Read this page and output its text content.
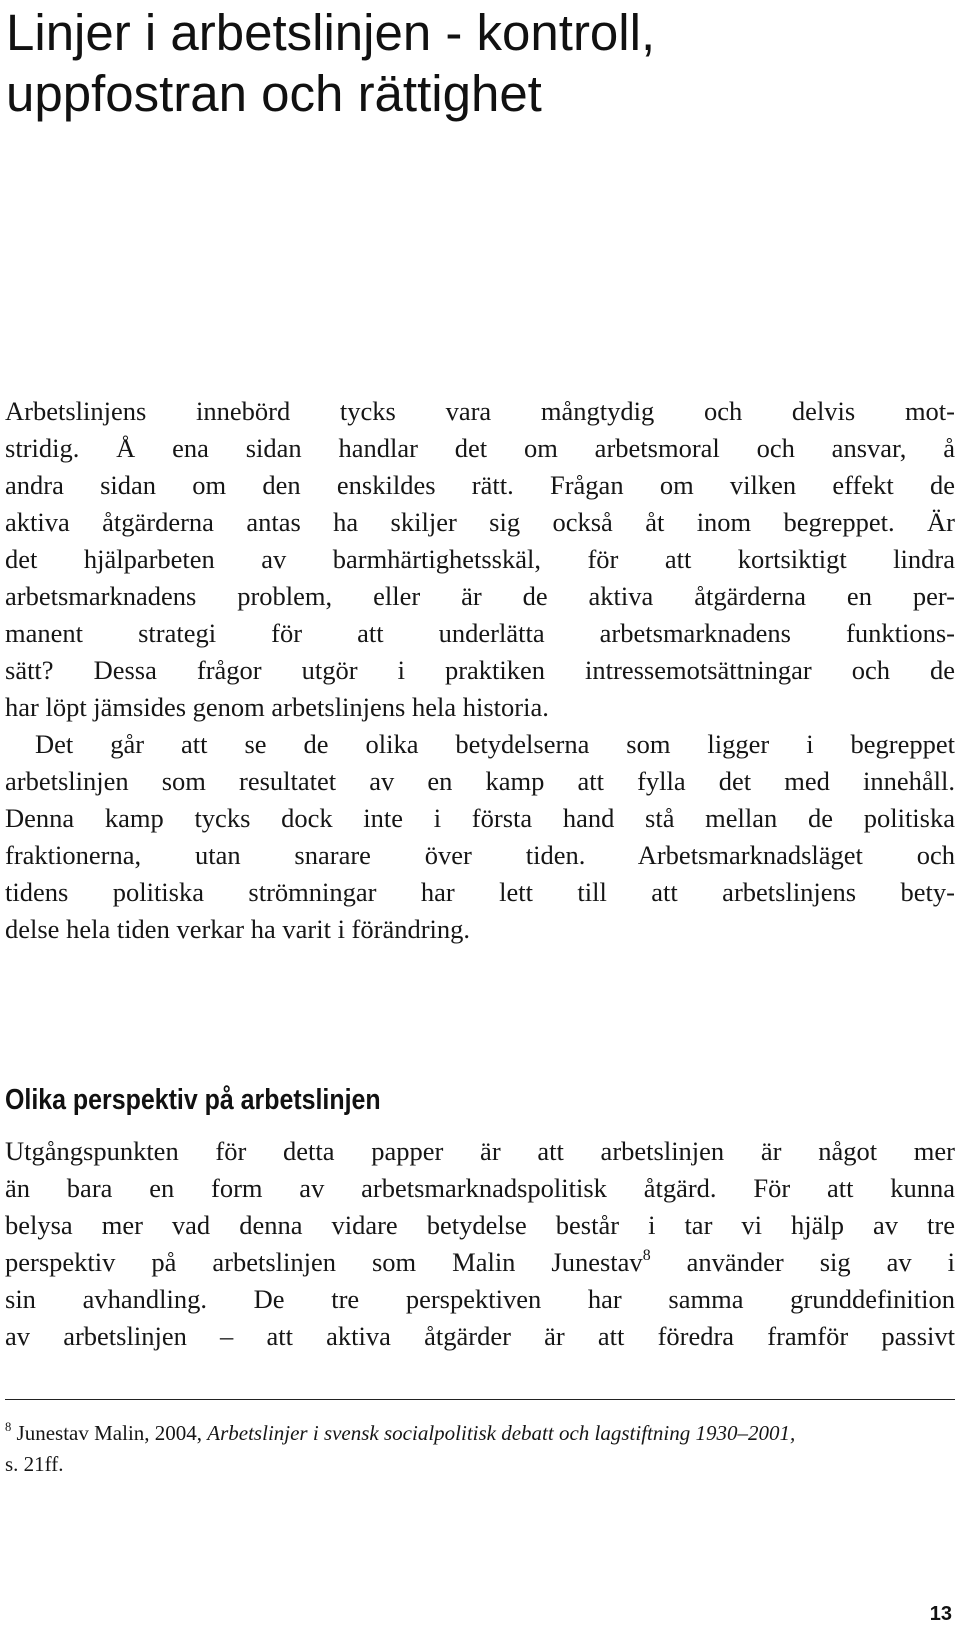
Linjer i arbetslinjen - kontroll,
uppfostran och rättighet
Arbetslinjens innebörd tycks vara mångtydig och delvis mot-
stridig. Å ena sidan handlar det om arbetsmoral och ansvar, å
andra sidan om den enskildes rätt. Frågan om vilken effekt de
aktiva åtgärderna antas ha skiljer sig också åt inom begreppet. Är
det hjälparbeten av barmhärtighetsskäl, för att kortsiktigt lindra
arbetsmarknadens problem, eller är de aktiva åtgärderna en per-
manent strategi för att underlätta arbetsmarknadens funktions-
sätt? Dessa frågor utgör i praktiken intressemotsättningar och de
har löpt jämsides genom arbetslinjens hela historia.
Det går att se de olika betydelserna som ligger i begreppet
arbetslinjen som resultatet av en kamp att fylla det med innehåll.
Denna kamp tycks dock inte i första hand stå mellan de politiska
fraktionerna, utan snarare över tiden. Arbetsmarknadsläget och
tidens politiska strömningar har lett till att arbetslinjens bety-
delse hela tiden verkar ha varit i förändring.
Olika perspektiv på arbetslinjen
Utgångspunkten för detta papper är att arbetslinjen är något mer
än bara en form av arbetsmarknadspolitisk åtgärd. För att kunna
belysa mer vad denna vidare betydelse består i tar vi hjälp av tre
perspektiv på arbetslinjen som Malin Junestav$^8$ använder sig av i
sin avhandling. De tre perspektiven har samma grunddefinition
av arbetslinjen – att aktiva åtgärder är att föredra framför passivt
$^8$ Junestav Malin, 2004, Arbetslinjer i svensk socialpolitisk debatt och lagstiftning 1930–2001,
s. 21ff.
13
